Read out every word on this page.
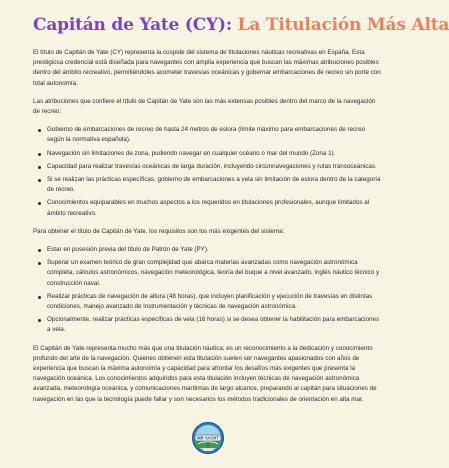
Capitán de Yate (CY): La Titulación Más Alta

El título de Capitán de Yate (CY) representa la cúspide del sistema de titulaciones náuticas recreativas en España. Esta prestigiosa credencial está diseñada para navegantes con amplia experiencia que buscan las máximas atribuciones posibles dentro del ámbito recreativo, permitiéndoles acometer travesías oceánicas y gobernar embarcaciones de recreo sin porte con total autonomía.

Las atribuciones que confiere el título de Capitán de Yate son las más extensas posibles dentro del marco de la navegación de recreo:

Gobierno de embarcaciones de recreo de hasta 24 metros de eslora (límite máximo para embarcaciones de recreo según la normativa española).
Navegación sin limitaciones de zona, pudiendo navegar en cualquier océano o mar del mundo (Zona 1).
Capacidad para realizar travesías oceánicas de larga duración, incluyendo circunnavegaciones y rutas transoceánicas.
Si se realizan las prácticas específicas, gobierno de embarcaciones a vela sin limitación de eslora dentro de la categoría de recreo.
Conocimientos equiparables en muchos aspectos a los requeridos en titulaciones profesionales, aunque limitados al ámbito recreativo.

Para obtener el título de Capitán de Yate, los requisitos son los más exigentes del sistema:

Estar en posesión previa del título de Patrón de Yate (PY).
Superar un examen teórico de gran complejidad que abarca materias avanzadas como navegación astronómica completa, cálculos astronómicos, navegación meteorológica, teoría del buque a nivel avanzado, inglés náutico técnico y construcción naval.
Realizar prácticas de navegación de altura (48 horas), que incluyen planificación y ejecución de travesías en distintas condiciones, manejo avanzado de instrumentación y técnicas de navegación astronómica.
Opcionalmente, realizar prácticas específicas de vela (16 horas) si se desea obtener la habilitación para embarcaciones a vela.

El Capitán de Yate representa mucho más que una titulación náutica; es un reconocimiento a la dedicación y conocimiento profundo del arte de la navegación. Quienes obtienen esta titulación suelen ser navegantes apasionados con años de experiencia que buscan la máxima autonomía y capacidad para afrontar los desafíos más exigentes que presenta la navegación oceánica. Los conocimientos adquiridos para esta titulación incluyen técnicas de navegación astronómica avanzada, meteorología oceánica, y comunicaciones marítimas de largo alcance, preparando al capitán para situaciones de navegación en las que la tecnología puede fallar y son necesarios los métodos tradicionales de orientación en alta mar.

MR YACHT
